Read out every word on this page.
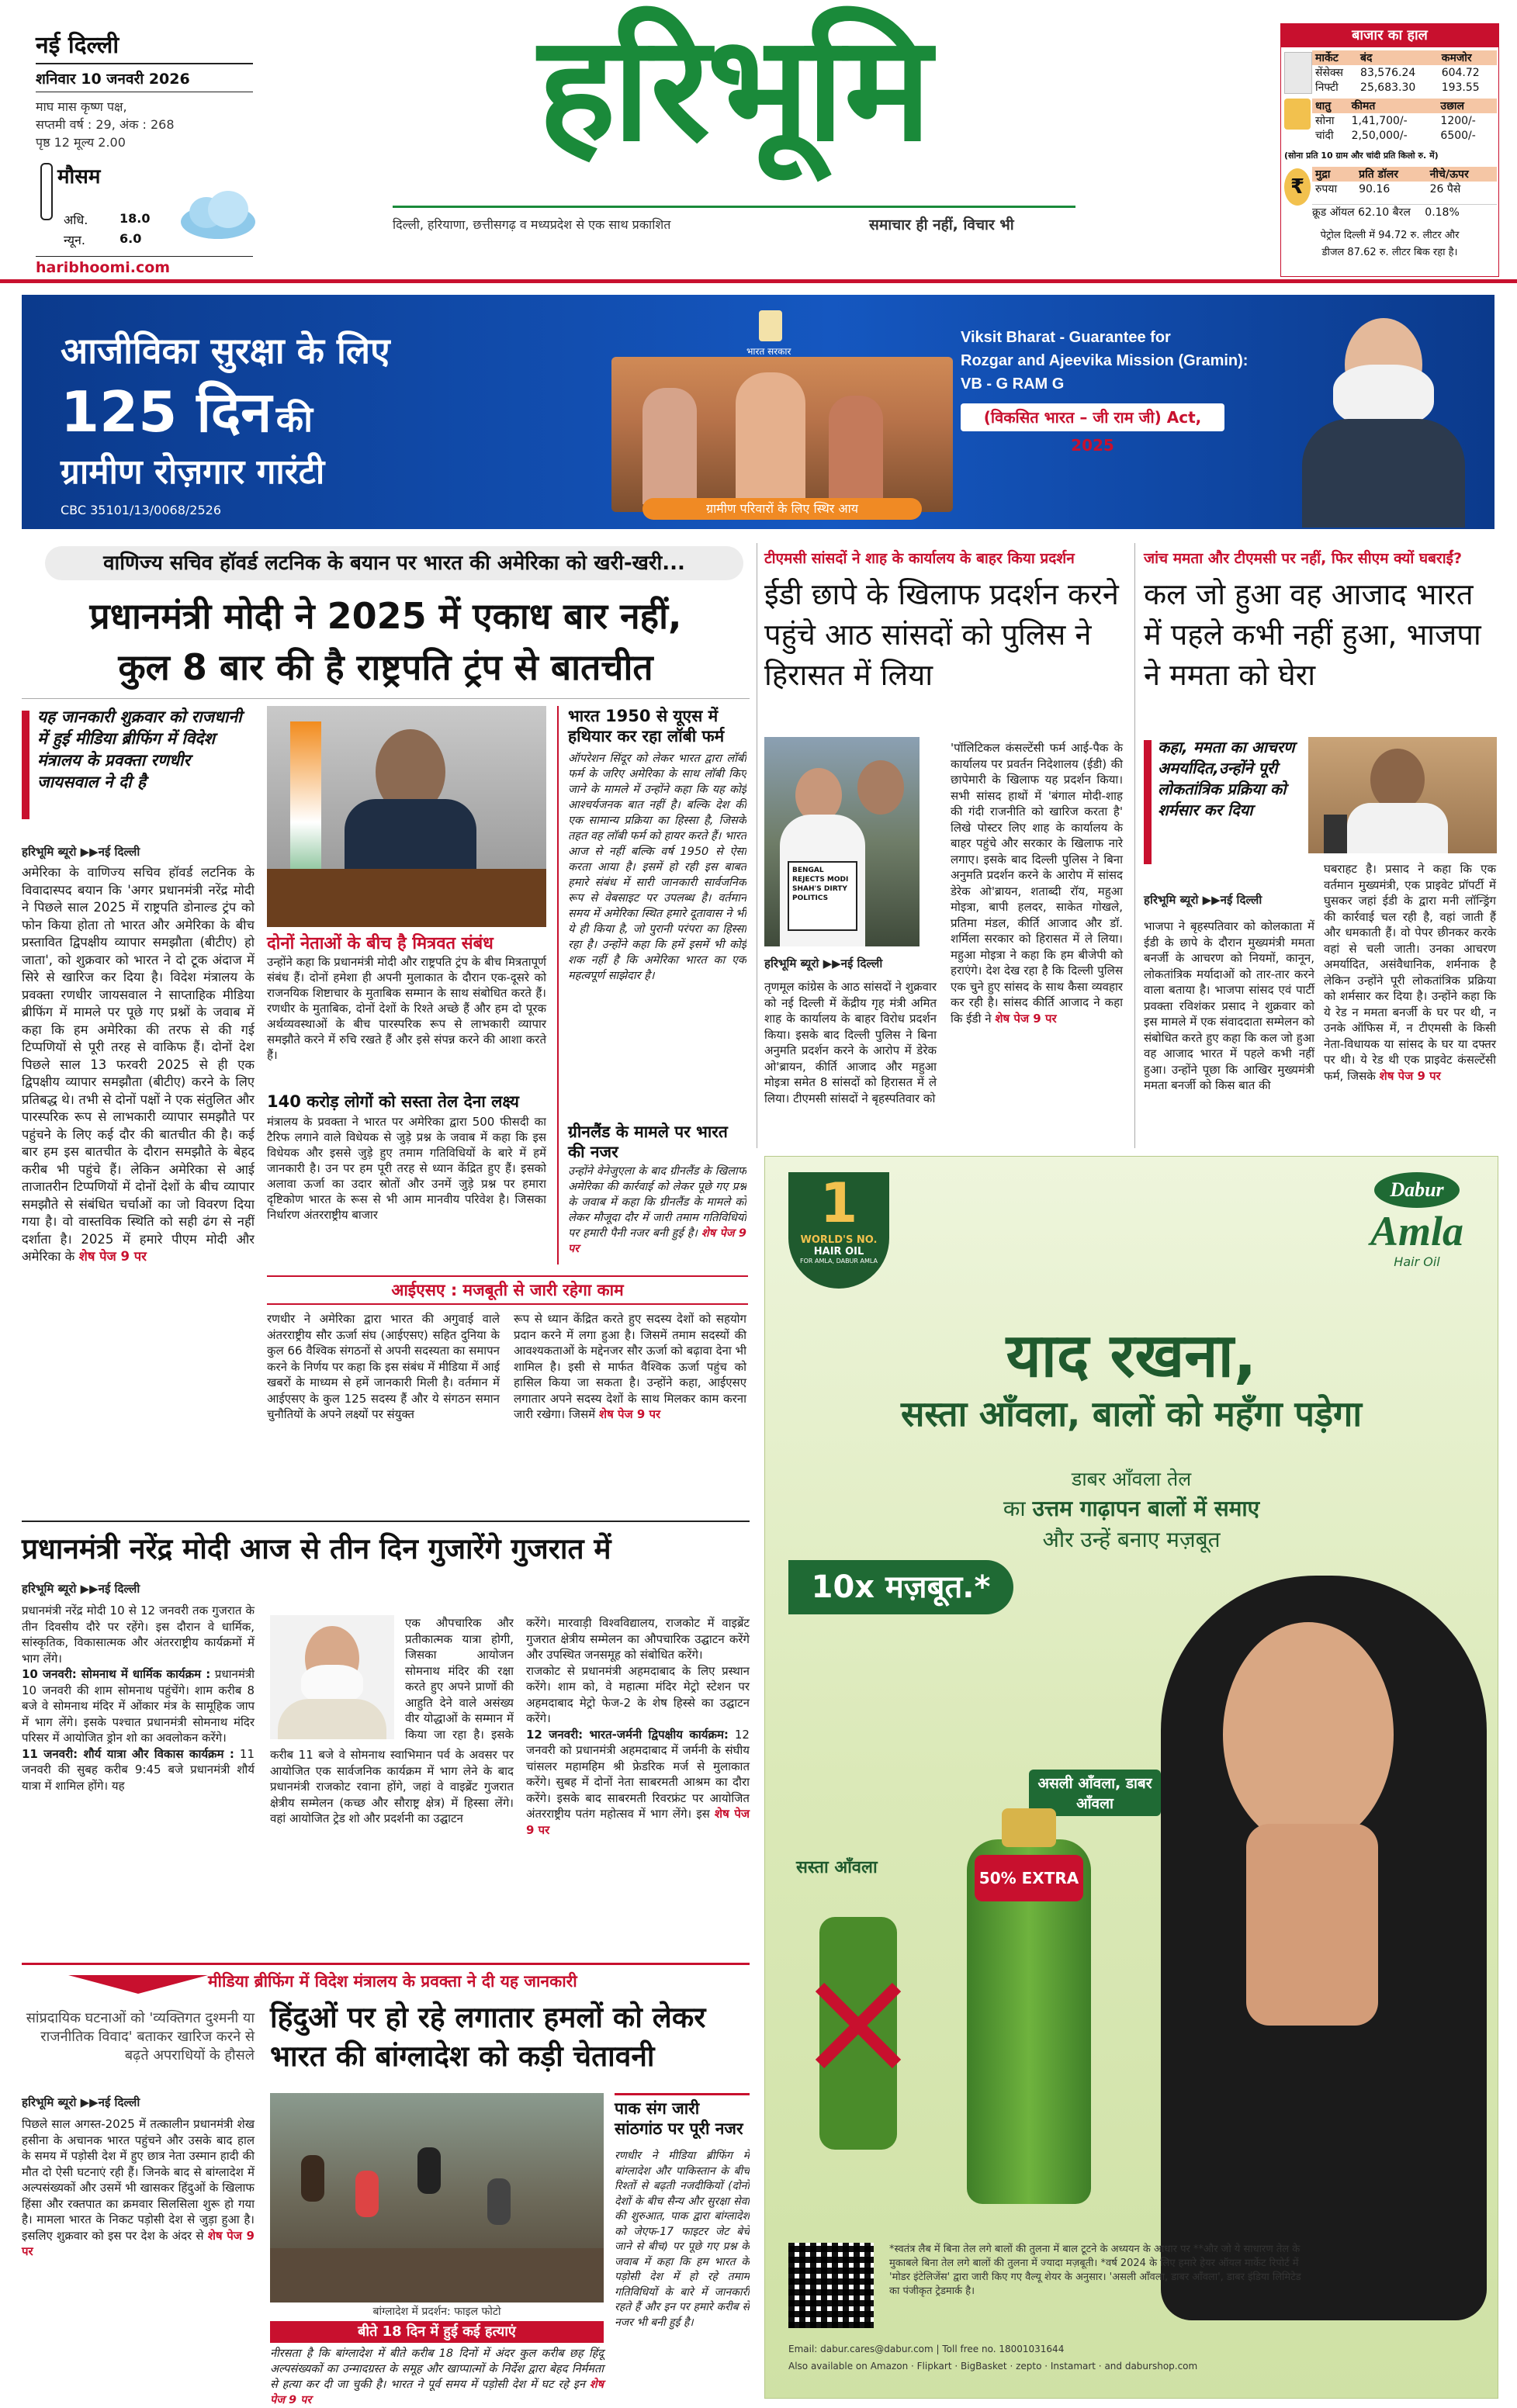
नई दिल्ली
शनिवार 10 जनवरी 2026
माघ मास कृष्ण पक्ष,
सप्तमी वर्ष : 29, अंक : 268
पृष्ठ 12 मूल्य 2.00
मौसम
अधि.	18.0
न्यून.	6.0
haribhoomi.com
हरिभूमि
दिल्ली, हरियाणा, छत्तीसगढ़ व मध्यप्रदेश से एक साथ प्रकाशित	समाचार ही नहीं, विचार भी
बाजार का हाल
मार्केट	बंद	कमजोर
सेंसेक्स	83,576.24	604.72
निफ्टी	25,683.30	193.55
धातु	कीमत	उछाल
सोना	1,41,700/-	1200/-
चांदी	2,50,000/-	6500/-
(सोना प्रति 10 ग्राम और चांदी प्रति किलो रु. में)
₹
मुद्रा	प्रति डॉलर	नीचे/ऊपर
रुपया	90.16	26 पैसे
क्रूड ऑयल 62.10 बैरल 0.18%
पेट्रोल दिल्ली में 94.72 रु. लीटर और
डीजल 87.62 रु. लीटर बिक रहा है।
आजीविका सुरक्षा के लिए
125 दिन की
ग्रामीण रोज़गार गारंटी
CBC 35101/13/0068/2526
भारत सरकार
ग्रामीण परिवारों के लिए स्थिर आय
Viksit Bharat - Guarantee for
Rozgar and Ajeevika Mission (Gramin):
VB - G RAM G
(विकसित भारत – जी राम जी) Act, 2025
वाणिज्य सचिव हॉवर्ड लटनिक के बयान पर भारत की अमेरिका को खरी-खरी...
प्रधानमंत्री मोदी ने 2025 में एकाध बार नहीं,
कुल 8 बार की है राष्ट्रपति ट्रंप से बातचीत
यह जानकारी शुक्रवार को राजधानी में हुई मीडिया ब्रीफिंग में विदेश मंत्रालय के प्रवक्ता रणधीर जायसवाल ने दी है
हरिभूमि ब्यूरो ▶▶नई दिल्ली
अमेरिका के वाणिज्य सचिव हॉवर्ड लटनिक के विवादास्पद बयान कि 'अगर प्रधानमंत्री नरेंद्र मोदी ने पिछले साल 2025 में राष्ट्रपति डोनाल्ड ट्रंप को फोन किया होता तो भारत और अमेरिका के बीच प्रस्तावित द्विपक्षीय व्यापार समझौता (बीटीए) हो जाता', को शुक्रवार को भारत ने दो टूक अंदाज में सिरे से खारिज कर दिया है। विदेश मंत्रालय के प्रवक्ता रणधीर जायसवाल ने साप्ताहिक मीडिया ब्रीफिंग में मामले पर पूछे गए प्रश्नों के जवाब में कहा कि हम अमेरिका की तरफ से की गई टिप्पणियों से पूरी तरह से वाकिफ हैं। दोनों देश पिछले साल 13 फरवरी 2025 से ही एक द्विपक्षीय व्यापार समझौता (बीटीए) करने के लिए प्रतिबद्ध थे। तभी से दोनों पक्षों ने एक संतुलित और पारस्परिक रूप से लाभकारी व्यापार समझौते पर पहुंचने के लिए कई दौर की बातचीत की है। कई बार हम इस बातचीत के दौरान समझौते के बेहद करीब भी पहुंचे हैं। लेकिन अमेरिका से आई ताजातरीन टिप्पणियों में दोनों देशों के बीच व्यापार समझौते से संबंधित चर्चाओं का जो विवरण दिया गया है। वो वास्तविक स्थिति को सही ढंग से नहीं दर्शाता है। 2025 में हमारे पीएम मोदी और अमेरिका के शेष पेज 9 पर
दोनों नेताओं के बीच है मित्रवत संबंध
उन्होंने कहा कि प्रधानमंत्री मोदी और राष्ट्रपति ट्रंप के बीच मित्रतापूर्ण संबंध हैं। दोनों हमेशा ही अपनी मुलाकात के दौरान एक-दूसरे को राजनयिक शिष्टाचार के मुताबिक सम्मान के साथ संबोधित करते हैं। रणधीर के मुताबिक, दोनों देशों के रिश्ते अच्छे हैं और हम दो पूरक अर्थव्यवस्थाओं के बीच पारस्परिक रूप से लाभकारी व्यापार समझौते करने में रुचि रखते हैं और इसे संपन्न करने की आशा करते हैं।
140 करोड़ लोगों को सस्ता तेल देना लक्ष्य
मंत्रालय के प्रवक्ता ने भारत पर अमेरिका द्वारा 500 फीसदी का टैरिफ लगाने वाले विधेयक से जुड़े प्रश्न के जवाब में कहा कि इस विधेयक और इससे जुड़े हुए तमाम गतिविधियों के बारे में हमें जानकारी है। उन पर हम पूरी तरह से ध्यान केंद्रित हुए हैं। इसको अलावा ऊर्जा का उदार स्रोतों और उनमें जुड़े प्रश्न पर हमारा दृष्टिकोण भारत के रूस से भी आम मानवीय परिवेश है। जिसका निर्धारण अंतरराष्ट्रीय बाजार
भारत 1950 से यूएस में हथियार कर रहा लॉबी फर्म
ऑपरेशन सिंदूर को लेकर भारत द्वारा लॉबी फर्म के जरिए अमेरिका के साथ लॉबी किए जाने के मामले में उन्होंने कहा कि यह कोई आश्चर्यजनक बात नहीं है। बल्कि देश की एक सामान्य प्रक्रिया का हिस्सा है, जिसके तहत वह लॉबी फर्म को हायर करते हैं। भारत आज से नहीं बल्कि वर्ष 1950 से ऐसा करता आया है। इसमें हो रही इस बाबत हमारे संबंध में सारी जानकारी सार्वजनिक रूप से वेबसाइट पर उपलब्ध है। वर्तमान समय में अमेरिका स्थित हमारे दूतावास ने भी ये ही किया है, जो पुरानी परंपरा का हिस्सा रहा है। उन्होंने कहा कि हमें इसमें भी कोई शक नहीं है कि अमेरिका भारत का एक महत्वपूर्ण साझेदार है।
ग्रीनलैंड के मामले पर भारत की नजर
उन्होंने वेनेजुएला के बाद ग्रीनलैंड के खिलाफ अमेरिका की कार्रवाई को लेकर पूछे गए प्रश्न के जवाब में कहा कि ग्रीनलैंड के मामले को लेकर मौजूदा दौर में जारी तमाम गतिविधियों पर हमारी पैनी नजर बनी हुई है। शेष पेज 9 पर
आईएसए : मजबूती से जारी रहेगा काम
रणधीर ने अमेरिका द्वारा भारत की अगुवाई वाले अंतरराष्ट्रीय सौर ऊर्जा संघ (आईएसए) सहित दुनिया के कुल 66 वैश्विक संगठनों से अपनी सदस्यता का समापन करने के निर्णय पर कहा कि इस संबंध में मीडिया में आई खबरों के माध्यम से हमें जानकारी मिली है। वर्तमान में आईएसए के कुल 125 सदस्य हैं और ये संगठन समान चुनौतियों के अपने लक्ष्यों पर संयुक्त
रूप से ध्यान केंद्रित करते हुए सदस्य देशों को सहयोग प्रदान करने में लगा हुआ है। जिसमें तमाम सदस्यों की आवश्यकताओं के मद्देनजर सौर ऊर्जा को बढ़ावा देना भी शामिल है। इसी से मार्फत वैश्विक ऊर्जा पहुंच को हासिल किया जा सकता है। उन्होंने कहा, आईएसए लगातार अपने सदस्य देशों के साथ मिलकर काम करना जारी रखेगा। जिसमें शेष पेज 9 पर
टीएमसी सांसदों ने शाह के कार्यालय के बाहर किया प्रदर्शन
ईडी छापे के खिलाफ प्रदर्शन करने पहुंचे आठ सांसदों को पुलिस ने हिरासत में लिया
BENGAL REJECTS MODI SHAH'S DIRTY POLITICS
हरिभूमि ब्यूरो ▶▶नई दिल्ली
तृणमूल कांग्रेस के आठ सांसदों ने शुक्रवार को नई दिल्ली में केंद्रीय गृह मंत्री अमित शाह के कार्यालय के बाहर विरोध प्रदर्शन किया। इसके बाद दिल्ली पुलिस ने बिना अनुमति प्रदर्शन करने के आरोप में डेरेक ओ'ब्रायन, कीर्ति आजाद और महुआ मोइत्रा समेत 8 सांसदों को हिरासत में ले लिया। टीएमसी सांसदों ने बृहस्पतिवार को
'पॉलिटिकल कंसल्टेंसी फर्म आई-पैक के कार्यालय पर प्रवर्तन निदेशालय (ईडी) की छापेमारी के खिलाफ यह प्रदर्शन किया। सभी सांसद हाथों में 'बंगाल मोदी-शाह की गंदी राजनीति को खारिज करता है' लिखे पोस्टर लिए शाह के कार्यालय के बाहर पहुंचे और सरकार के खिलाफ नारे लगाए। इसके बाद दिल्ली पुलिस ने बिना अनुमति प्रदर्शन करने के आरोप में सांसद डेरेक ओ'ब्रायन, शताब्दी रॉय, महुआ मोइत्रा, बापी हलदर, साकेत गोखले, प्रतिमा मंडल, कीर्ति आजाद और डॉ. शर्मिला सरकार को हिरासत में ले लिया। महुआ मोइत्रा ने कहा कि हम बीजेपी को हराएंगे। देश देख रहा है कि दिल्ली पुलिस एक चुने हुए सांसद के साथ कैसा व्यवहार कर रही है। सांसद कीर्ति आजाद ने कहा कि ईडी ने शेष पेज 9 पर
जांच ममता और टीएमसी पर नहीं, फिर सीएम क्यों घबराईं?
कल जो हुआ वह आजाद भारत में पहले कभी नहीं हुआ, भाजपा ने ममता को घेरा
कहा, ममता का आचरण अमर्यादित,उन्होंने पूरी लोकतांत्रिक प्रक्रिया को शर्मसार कर दिया
हरिभूमि ब्यूरो ▶▶नई दिल्ली
भाजपा ने बृहस्पतिवार को कोलकाता में ईडी के छापे के दौरान मुख्यमंत्री ममता बनर्जी के आचरण को नियमों, कानून, लोकतांत्रिक मर्यादाओं को तार-तार करने वाला बताया है। भाजपा सांसद एवं पार्टी प्रवक्ता रविशंकर प्रसाद ने शुक्रवार को इस मामले में एक संवाददाता सम्मेलन को संबोधित करते हुए कहा कि कल जो हुआ वह आजाद भारत में पहले कभी नहीं हुआ। उन्होंने पूछा कि आखिर मुख्यमंत्री ममता बनर्जी को किस बात की
घबराहट है। प्रसाद ने कहा कि एक वर्तमान मुख्यमंत्री, एक प्राइवेट प्रॉपर्टी में घुसकर जहां ईडी के द्वारा मनी लॉन्ड्रिंग की कार्रवाई चल रही है, वहां जाती हैं और धमकाती हैं। वो पेपर छीनकर करके वहां से चली जाती। उनका आचरण अमर्यादित, असंवैधानिक, शर्मनाक है लेकिन उन्होंने पूरी लोकतांत्रिक प्रक्रिया को शर्मसार कर दिया है। उन्होंने कहा कि ये रेड न ममता बनर्जी के घर पर थी, न उनके ऑफिस में, न टीएमसी के किसी नेता-विधायक या सांसद के घर या दफ्तर पर थी। ये रेड थी एक प्राइवेट कंसल्टेंसी फर्म, जिसके शेष पेज 9 पर
प्रधानमंत्री नरेंद्र मोदी आज से तीन दिन गुजारेंगे गुजरात में
हरिभूमि ब्यूरो ▶▶नई दिल्ली
प्रधानमंत्री नरेंद्र मोदी 10 से 12 जनवरी तक गुजरात के तीन दिवसीय दौरे पर रहेंगे। इस दौरान वे धार्मिक, सांस्कृतिक, विकासात्मक और अंतरराष्ट्रीय कार्यक्रमों में भाग लेंगे।
10 जनवरी: सोमनाथ में धार्मिक कार्यक्रम : प्रधानमंत्री 10 जनवरी की शाम सोमनाथ पहुंचेंगे। शाम करीब 8 बजे वे सोमनाथ मंदिर में ओंकार मंत्र के सामूहिक जाप में भाग लेंगे। इसके पश्चात प्रधानमंत्री सोमनाथ मंदिर परिसर में आयोजित ड्रोन शो का अवलोकन करेंगे।
11 जनवरी: शौर्य यात्रा और विकास कार्यक्रम : 11 जनवरी की सुबह करीब 9:45 बजे प्रधानमंत्री शौर्य यात्रा में शामिल होंगे। यह
एक औपचारिक और प्रतीकात्मक यात्रा होगी, जिसका आयोजन सोमनाथ मंदिर की रक्षा करते हुए अपने प्राणों की आहुति देने वाले असंख्य वीर योद्धाओं के सम्मान में किया जा रहा है। इसके
करीब 11 बजे वे सोमनाथ स्वाभिमान पर्व के अवसर पर आयोजित एक सार्वजनिक कार्यक्रम में भाग लेने के बाद प्रधानमंत्री राजकोट रवाना होंगे, जहां वे वाइब्रेंट गुजरात क्षेत्रीय सम्मेलन (कच्छ और सौराष्ट्र क्षेत्र) में हिस्सा लेंगे। वहां आयोजित ट्रेड शो और प्रदर्शनी का उद्घाटन
करेंगे। मारवाड़ी विश्वविद्यालय, राजकोट में वाइब्रेंट गुजरात क्षेत्रीय सम्मेलन का औपचारिक उद्घाटन करेंगे और उपस्थित जनसमूह को संबोधित करेंगे।
राजकोट से प्रधानमंत्री अहमदाबाद के लिए प्रस्थान करेंगे। शाम को, वे महात्मा मंदिर मेट्रो स्टेशन पर अहमदाबाद मेट्रो फेज-2 के शेष हिस्से का उद्घाटन करेंगे।
12 जनवरी: भारत-जर्मनी द्विपक्षीय कार्यक्रम: 12 जनवरी को प्रधानमंत्री अहमदाबाद में जर्मनी के संघीय चांसलर महामहिम श्री फ्रेडरिक मर्ज से मुलाकात करेंगे। सुबह में दोनों नेता साबरमती आश्रम का दौरा करेंगे। इसके बाद साबरमती रिवरफ्रंट पर आयोजित अंतरराष्ट्रीय पतंग महोत्सव में भाग लेंगे। इस शेष पेज 9 पर
मीडिया ब्रीफिंग में विदेश मंत्रालय के प्रवक्ता ने दी यह जानकारी
हिंदुओं पर हो रहे लगातार हमलों को लेकर भारत की बांग्लादेश को कड़ी चेतावनी
सांप्रदायिक घटनाओं को 'व्यक्तिगत दुश्मनी या राजनीतिक विवाद' बताकर खारिज करने से बढ़ते अपराधियों के हौसले
हरिभूमि ब्यूरो ▶▶नई दिल्ली
पिछले साल अगस्त-2025 में तत्कालीन प्रधानमंत्री शेख हसीना के अचानक भारत पहुंचने और उसके बाद हाल के समय में पड़ोसी देश में हुए छात्र नेता उस्मान हादी की मौत दो ऐसी घटनाएं रही हैं। जिनके बाद से बांग्लादेश में अल्पसंख्यकों और उसमें भी खासकर हिंदुओं के खिलाफ हिंसा और रक्तपात का क्रमवार सिलसिला शुरू हो गया है। मामला भारत के निकट पड़ोसी देश से जुड़ा हुआ है। इसलिए शुक्रवार को इस पर देश के अंदर से शेष पेज 9 पर
बांग्लादेश में प्रदर्शन: फाइल फोटो
बीते 18 दिन में हुई कई हत्याएं
नीरसता है कि बांग्लादेश में बीते करीब 18 दिनों में अंदर कुल करीब छह हिंदू अल्पसंख्यकों का उन्मादग्रस्त के समूह और खाप्पात्मों के निर्देश द्वारा बेहद निर्ममता से हत्या कर दी जा चुकी है। भारत ने पूर्व समय में पड़ोसी देश में घट रहे इन शेष पेज 9 पर
पाक संग जारी सांठगांठ पर पूरी नजर
रणधीर ने मीडिया ब्रीफिंग में बांग्लादेश और पाकिस्तान के बीच रिश्तों से बढ़ती नजदीकियों (दोनों देशों के बीच सैन्य और सुरक्षा सेवा की शुरुआत, पाक द्वारा बांग्लादेश को जेएफ-17 फाइटर जेट बेचे जाने से बीच) पर पूछे गए प्रश्न के जवाब में कहा कि हम भारत के पड़ोसी देश में हो रहे तमाम गतिविधियों के बारे में जानकारी रहते हैं और इन पर हमारे करीब से नजर भी बनी हुई है।
1
WORLD'S NO.
HAIR OIL
FOR AMLA, DABUR AMLA
Dabur
Amla
Hair Oil
याद रखना,
सस्ता आँवला, बालों को महँगा पड़ेगा
डाबर आँवला तेल
का उत्तम गाढ़ापन बालों में समाए
और उन्हें बनाए मज़बूत
10x मज़बूत.*
असली आँवला, डाबर आँवला
50% EXTRA
सस्ता आँवला
*स्वतंत्र लैब में बिना तेल लगे बालों की तुलना में बाल टूटने के अध्ययन के आधार पर **और जो ये साधारण तेल के मुकाबले बिना तेल लगे बालों की तुलना में ज्यादा मज़बूती। *वर्ष 2024 के लिए हमारे हेयर ऑयल मार्केट रिपोर्ट में 'मोडर इंटेलिजेंस' द्वारा जारी किए गए वैल्यू शेयर के अनुसार। 'असली आँवला, डाबर आँवला', डाबर इंडिया लिमिटेड का पंजीकृत ट्रेडमार्क है।
Email: dabur.cares@dabur.com | Toll free no. 18001031644
Also available on Amazon · Flipkart · BigBasket · zepto · Instamart · and daburshop.com
